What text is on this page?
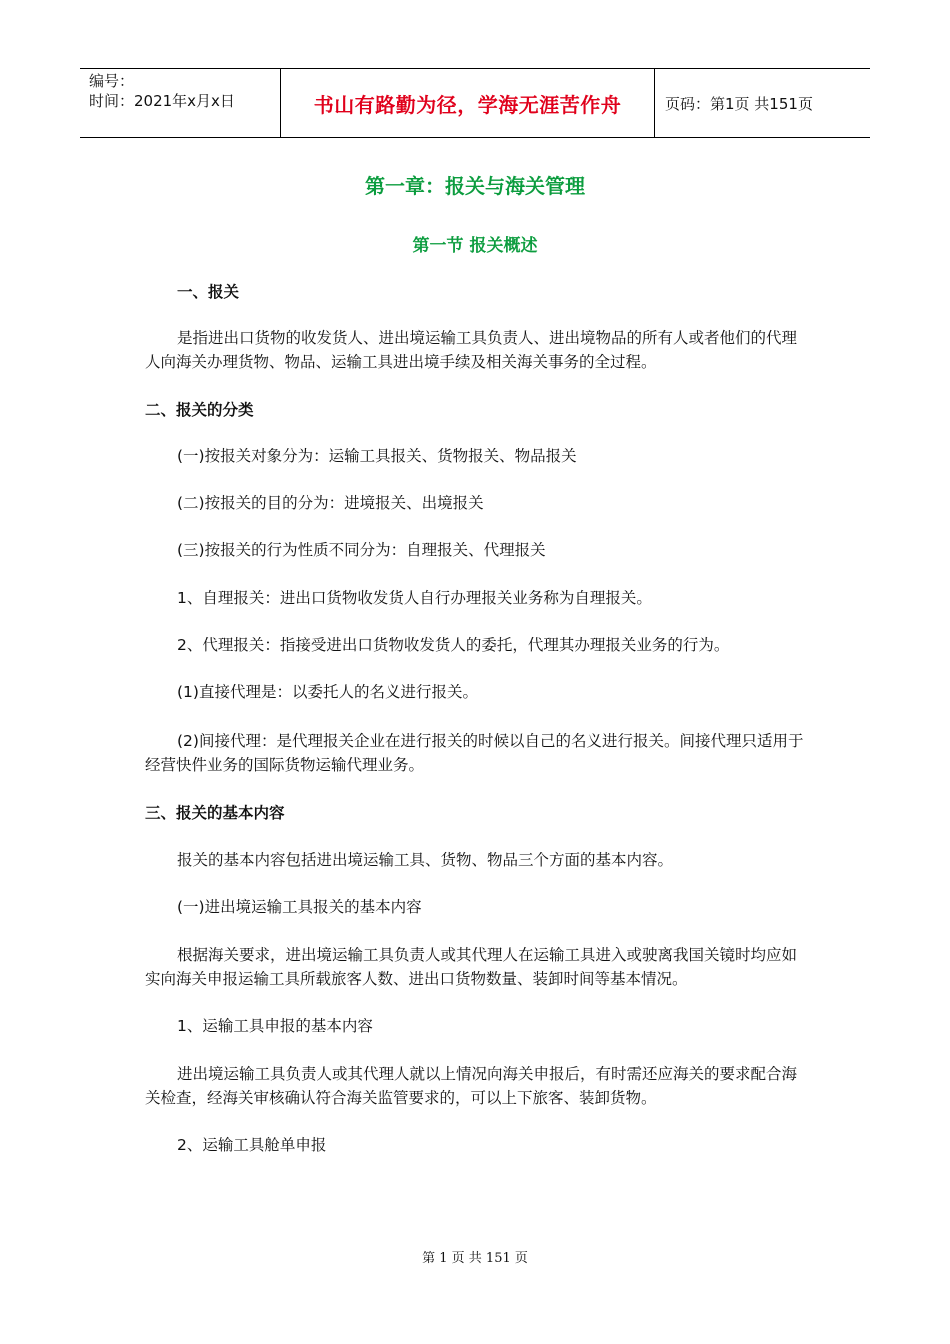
编号：
时间：2021年x月x日	书山有路勤为径，学海无涯苦作舟	页码：第1页 共151页
第一章：报关与海关管理
第一节 报关概述
一、报关
是指进出口货物的收发货人、进出境运输工具负责人、进出境物品的所有人或者他们的代理人向海关办理货物、物品、运输工具进出境手续及相关海关事务的全过程。
二、报关的分类
(一)按报关对象分为：运输工具报关、货物报关、物品报关
(二)按报关的目的分为：进境报关、出境报关
(三)按报关的行为性质不同分为：自理报关、代理报关
1、自理报关：进出口货物收发货人自行办理报关业务称为自理报关。
2、代理报关：指接受进出口货物收发货人的委托，代理其办理报关业务的行为。
(1)直接代理是：以委托人的名义进行报关。
(2)间接代理：是代理报关企业在进行报关的时候以自己的名义进行报关。间接代理只适用于经营快件业务的国际货物运输代理业务。
三、报关的基本内容
报关的基本内容包括进出境运输工具、货物、物品三个方面的基本内容。
(一)进出境运输工具报关的基本内容
根据海关要求，进出境运输工具负责人或其代理人在运输工具进入或驶离我国关镜时均应如实向海关申报运输工具所载旅客人数、进出口货物数量、装卸时间等基本情况。
1、运输工具申报的基本内容
进出境运输工具负责人或其代理人就以上情况向海关申报后，有时需还应海关的要求配合海关检查，经海关审核确认符合海关监管要求的，可以上下旅客、装卸货物。
2、运输工具舱单申报
第 1 页 共 151 页
